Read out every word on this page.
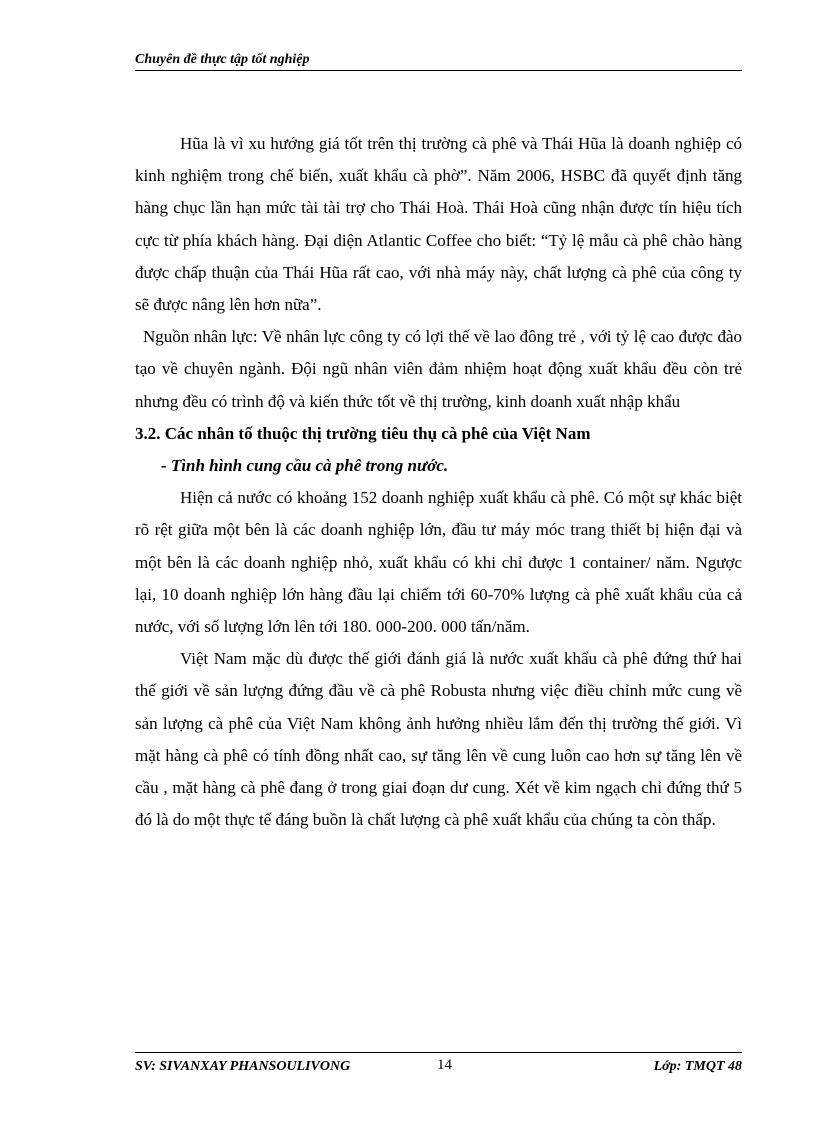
Chuyên đề thực tập tốt nghiệp

Hũa là vì xu hướng giá tốt trên thị trường cà phê và Thái Hũa là doanh nghiệp có kinh nghiệm trong chế biến, xuất khẩu cà phờ”. Năm 2006, HSBC đã quyết định tăng hàng chục lần hạn mức tài tài trợ cho Thái Hoà. Thái Hoà cũng nhận được tín hiệu tích cực từ phía khách hàng. Đại diện Atlantic Coffee cho biết: “Tỷ lệ mẫu cà phê chào hàng được chấp thuận của Thái Hũa rất cao, với nhà máy này, chất lượng cà phê của công ty sẽ được nâng lên hơn nữa”.

Nguồn nhân lực: Về nhân lực công ty có lợi thế về lao đông trẻ , với tỷ lệ cao được đào tạo về chuyên ngành. Đội ngũ nhân viên đảm nhiệm hoạt động xuất khẩu đều còn trẻ nhưng đều có trình độ và kiến thức tốt về thị trường, kinh doanh xuất nhập khẩu

3.2. Các nhân tố thuộc thị trường tiêu thụ cà phê của Việt Nam

- Tình hình cung cầu cà phê trong nước.

Hiện cả nước có khoảng 152 doanh nghiệp xuất khẩu cà phê. Có một sự khác biệt rõ rệt giữa một bên là các doanh nghiệp lớn, đầu tư máy móc trang thiết bị hiện đại và một bên là các doanh nghiệp nhỏ, xuất khẩu có khi chỉ được 1 container/ năm. Ngược lại, 10 doanh nghiệp lớn hàng đầu lại chiếm tới 60-70% lượng cà phê xuất khẩu của cả nước, với số lượng lớn lên tới 180. 000-200. 000 tấn/năm.

Việt Nam mặc dù được thế giới đánh giá là nước xuất khẩu cà phê đứng thứ hai thế giới về sản lượng đứng đầu về cà phê Robusta nhưng việc điều chỉnh mức cung về sản lượng cà phê của Việt Nam không ảnh hưởng nhiều lắm đến thị trường thế giới. Vì mặt hàng cà phê có tính đồng nhất cao, sự tăng lên về cung luôn cao hơn sự tăng lên về cầu , mặt hàng cà phê đang ở trong giai đoạn dư cung. Xét về kim ngạch chỉ đứng thứ 5 đó là do một thực tế đáng buồn là chất lượng cà phê xuất khẩu của chúng ta còn thấp.

SV: SIVANXAY PHANSOULIVONG	14	Lớp: TMQT 48
